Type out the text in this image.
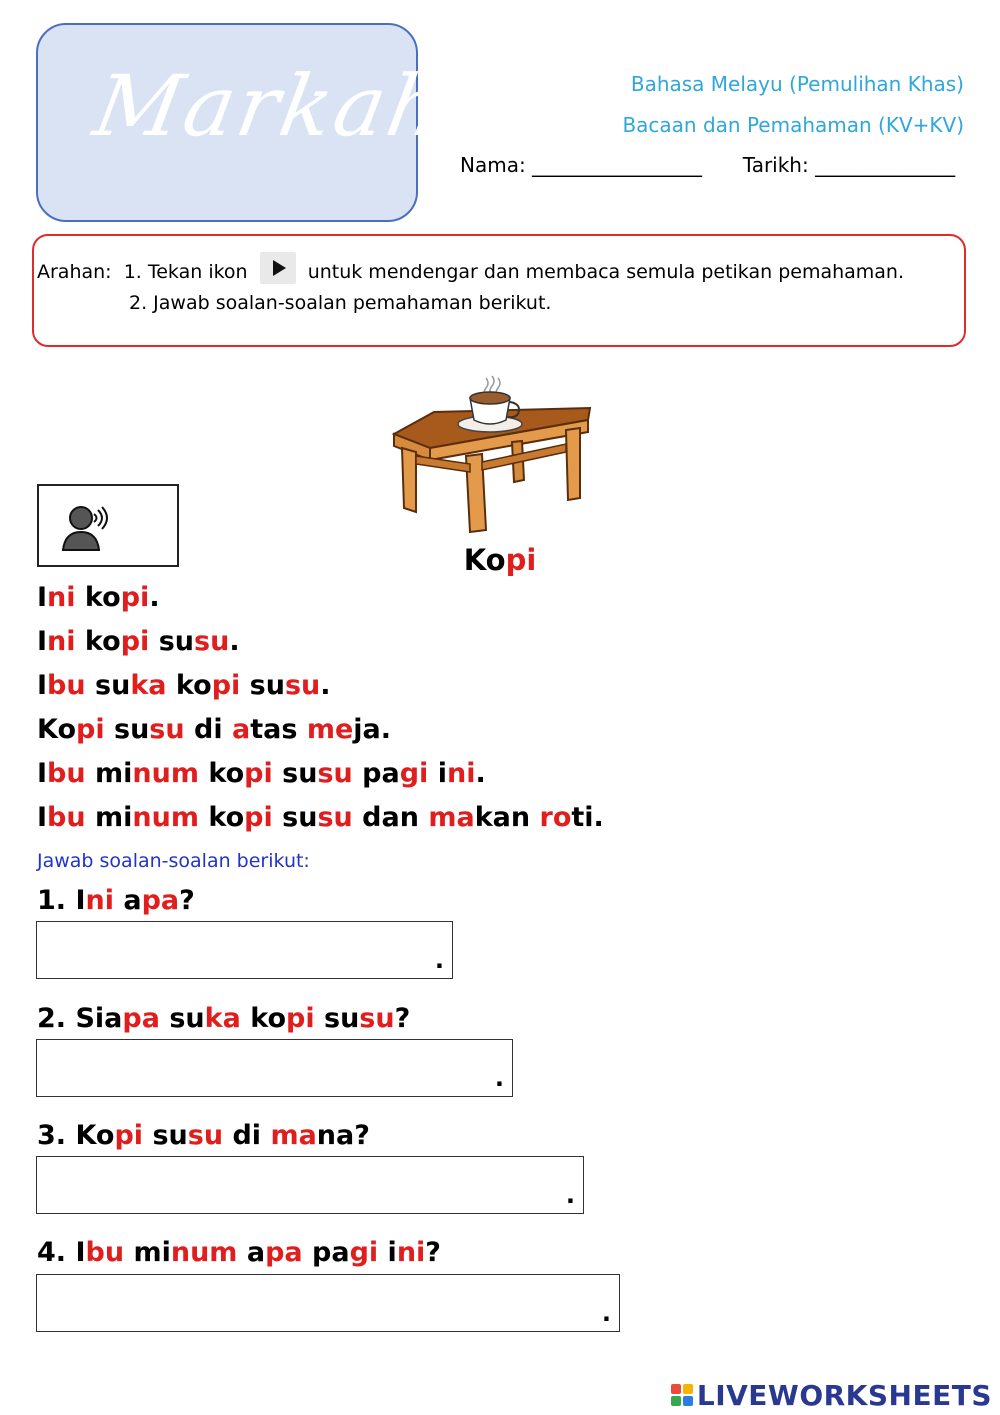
Markah	Bahasa Melayu (Pemulihan Khas)
Bacaan dan Pemahaman (KV+KV)
Nama: _________________ Tarikh: ______________
Arahan: 1. Tekan ikon	untuk mendengar dan membaca semula petikan pemahaman.
2. Jawab soalan-soalan pemahaman berikut.
Kopi
Ini kopi.
Ini kopi susu.
Ibu suka kopi susu.
Kopi susu di atas meja.
Ibu minum kopi susu pagi ini.
Ibu minum kopi susu dan makan roti.
Jawab soalan-soalan berikut:
1. Ini apa?
.
2. Siapa suka kopi susu?
.
3. Kopi susu di mana?
.
4. Ibu minum apa pagi ini?
.
LIVEWORKSHEETS
